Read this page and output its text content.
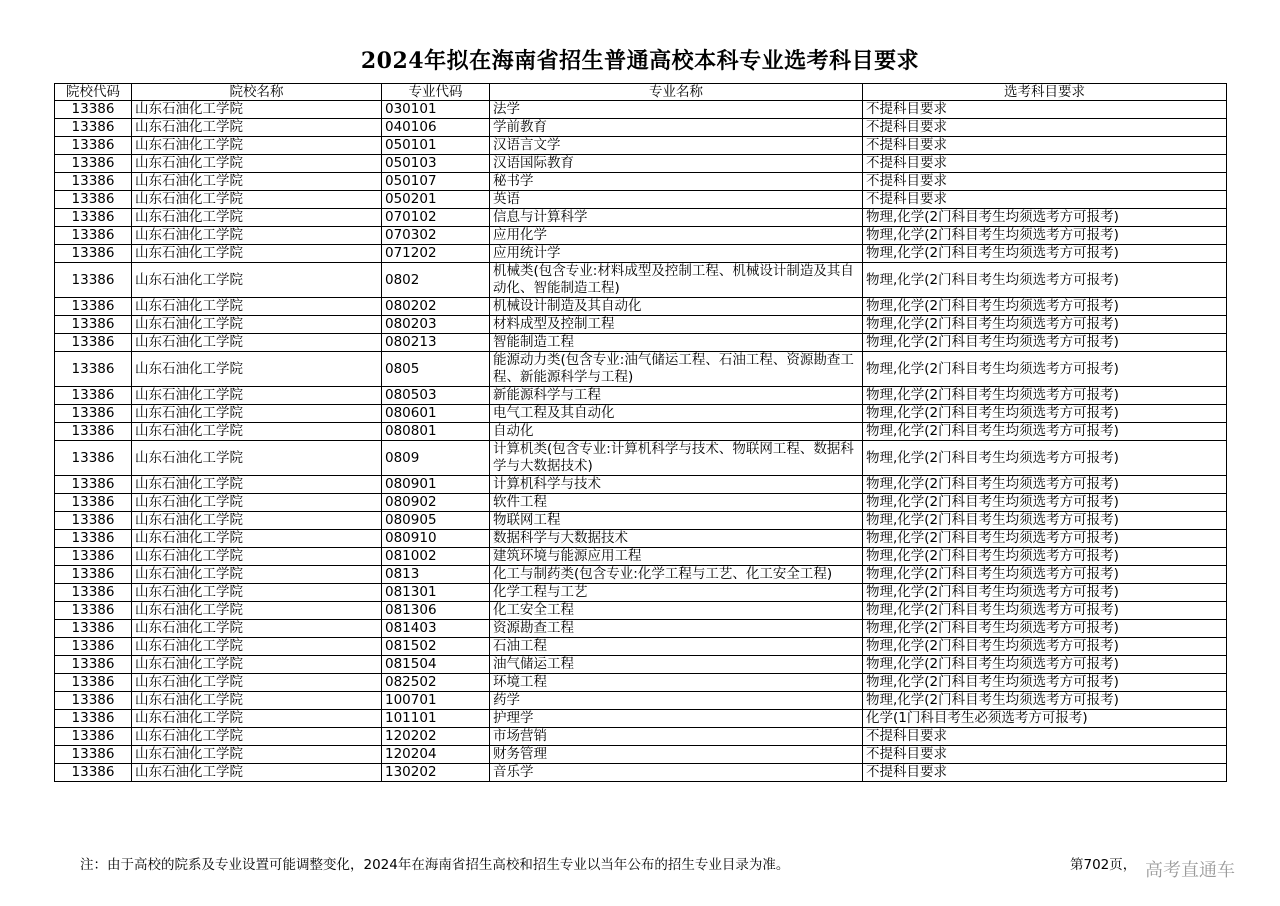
2024年拟在海南省招生普通高校本科专业选考科目要求
院校代码	院校名称	专业代码	专业名称	选考科目要求
13386	山东石油化工学院	030101	法学	不提科目要求
13386	山东石油化工学院	040106	学前教育	不提科目要求
13386	山东石油化工学院	050101	汉语言文学	不提科目要求
13386	山东石油化工学院	050103	汉语国际教育	不提科目要求
13386	山东石油化工学院	050107	秘书学	不提科目要求
13386	山东石油化工学院	050201	英语	不提科目要求
13386	山东石油化工学院	070102	信息与计算科学	物理,化学(2门科目考生均须选考方可报考)
13386	山东石油化工学院	070302	应用化学	物理,化学(2门科目考生均须选考方可报考)
13386	山东石油化工学院	071202	应用统计学	物理,化学(2门科目考生均须选考方可报考)
13386	山东石油化工学院	0802	机械类(包含专业:材料成型及控制工程、机械设计制造及其自动化、智能制造工程)	物理,化学(2门科目考生均须选考方可报考)
13386	山东石油化工学院	080202	机械设计制造及其自动化	物理,化学(2门科目考生均须选考方可报考)
13386	山东石油化工学院	080203	材料成型及控制工程	物理,化学(2门科目考生均须选考方可报考)
13386	山东石油化工学院	080213	智能制造工程	物理,化学(2门科目考生均须选考方可报考)
13386	山东石油化工学院	0805	能源动力类(包含专业:油气储运工程、石油工程、资源勘查工程、新能源科学与工程)	物理,化学(2门科目考生均须选考方可报考)
13386	山东石油化工学院	080503	新能源科学与工程	物理,化学(2门科目考生均须选考方可报考)
13386	山东石油化工学院	080601	电气工程及其自动化	物理,化学(2门科目考生均须选考方可报考)
13386	山东石油化工学院	080801	自动化	物理,化学(2门科目考生均须选考方可报考)
13386	山东石油化工学院	0809	计算机类(包含专业:计算机科学与技术、物联网工程、数据科学与大数据技术)	物理,化学(2门科目考生均须选考方可报考)
13386	山东石油化工学院	080901	计算机科学与技术	物理,化学(2门科目考生均须选考方可报考)
13386	山东石油化工学院	080902	软件工程	物理,化学(2门科目考生均须选考方可报考)
13386	山东石油化工学院	080905	物联网工程	物理,化学(2门科目考生均须选考方可报考)
13386	山东石油化工学院	080910	数据科学与大数据技术	物理,化学(2门科目考生均须选考方可报考)
13386	山东石油化工学院	081002	建筑环境与能源应用工程	物理,化学(2门科目考生均须选考方可报考)
13386	山东石油化工学院	0813	化工与制药类(包含专业:化学工程与工艺、化工安全工程)	物理,化学(2门科目考生均须选考方可报考)
13386	山东石油化工学院	081301	化学工程与工艺	物理,化学(2门科目考生均须选考方可报考)
13386	山东石油化工学院	081306	化工安全工程	物理,化学(2门科目考生均须选考方可报考)
13386	山东石油化工学院	081403	资源勘查工程	物理,化学(2门科目考生均须选考方可报考)
13386	山东石油化工学院	081502	石油工程	物理,化学(2门科目考生均须选考方可报考)
13386	山东石油化工学院	081504	油气储运工程	物理,化学(2门科目考生均须选考方可报考)
13386	山东石油化工学院	082502	环境工程	物理,化学(2门科目考生均须选考方可报考)
13386	山东石油化工学院	100701	药学	物理,化学(2门科目考生均须选考方可报考)
13386	山东石油化工学院	101101	护理学	化学(1门科目考生必须选考方可报考)
13386	山东石油化工学院	120202	市场营销	不提科目要求
13386	山东石油化工学院	120204	财务管理	不提科目要求
13386	山东石油化工学院	130202	音乐学	不提科目要求
注：由于高校的院系及专业设置可能调整变化，2024年在海南省招生高校和招生专业以当年公布的招生专业目录为准。	第702页， 高考直通车
